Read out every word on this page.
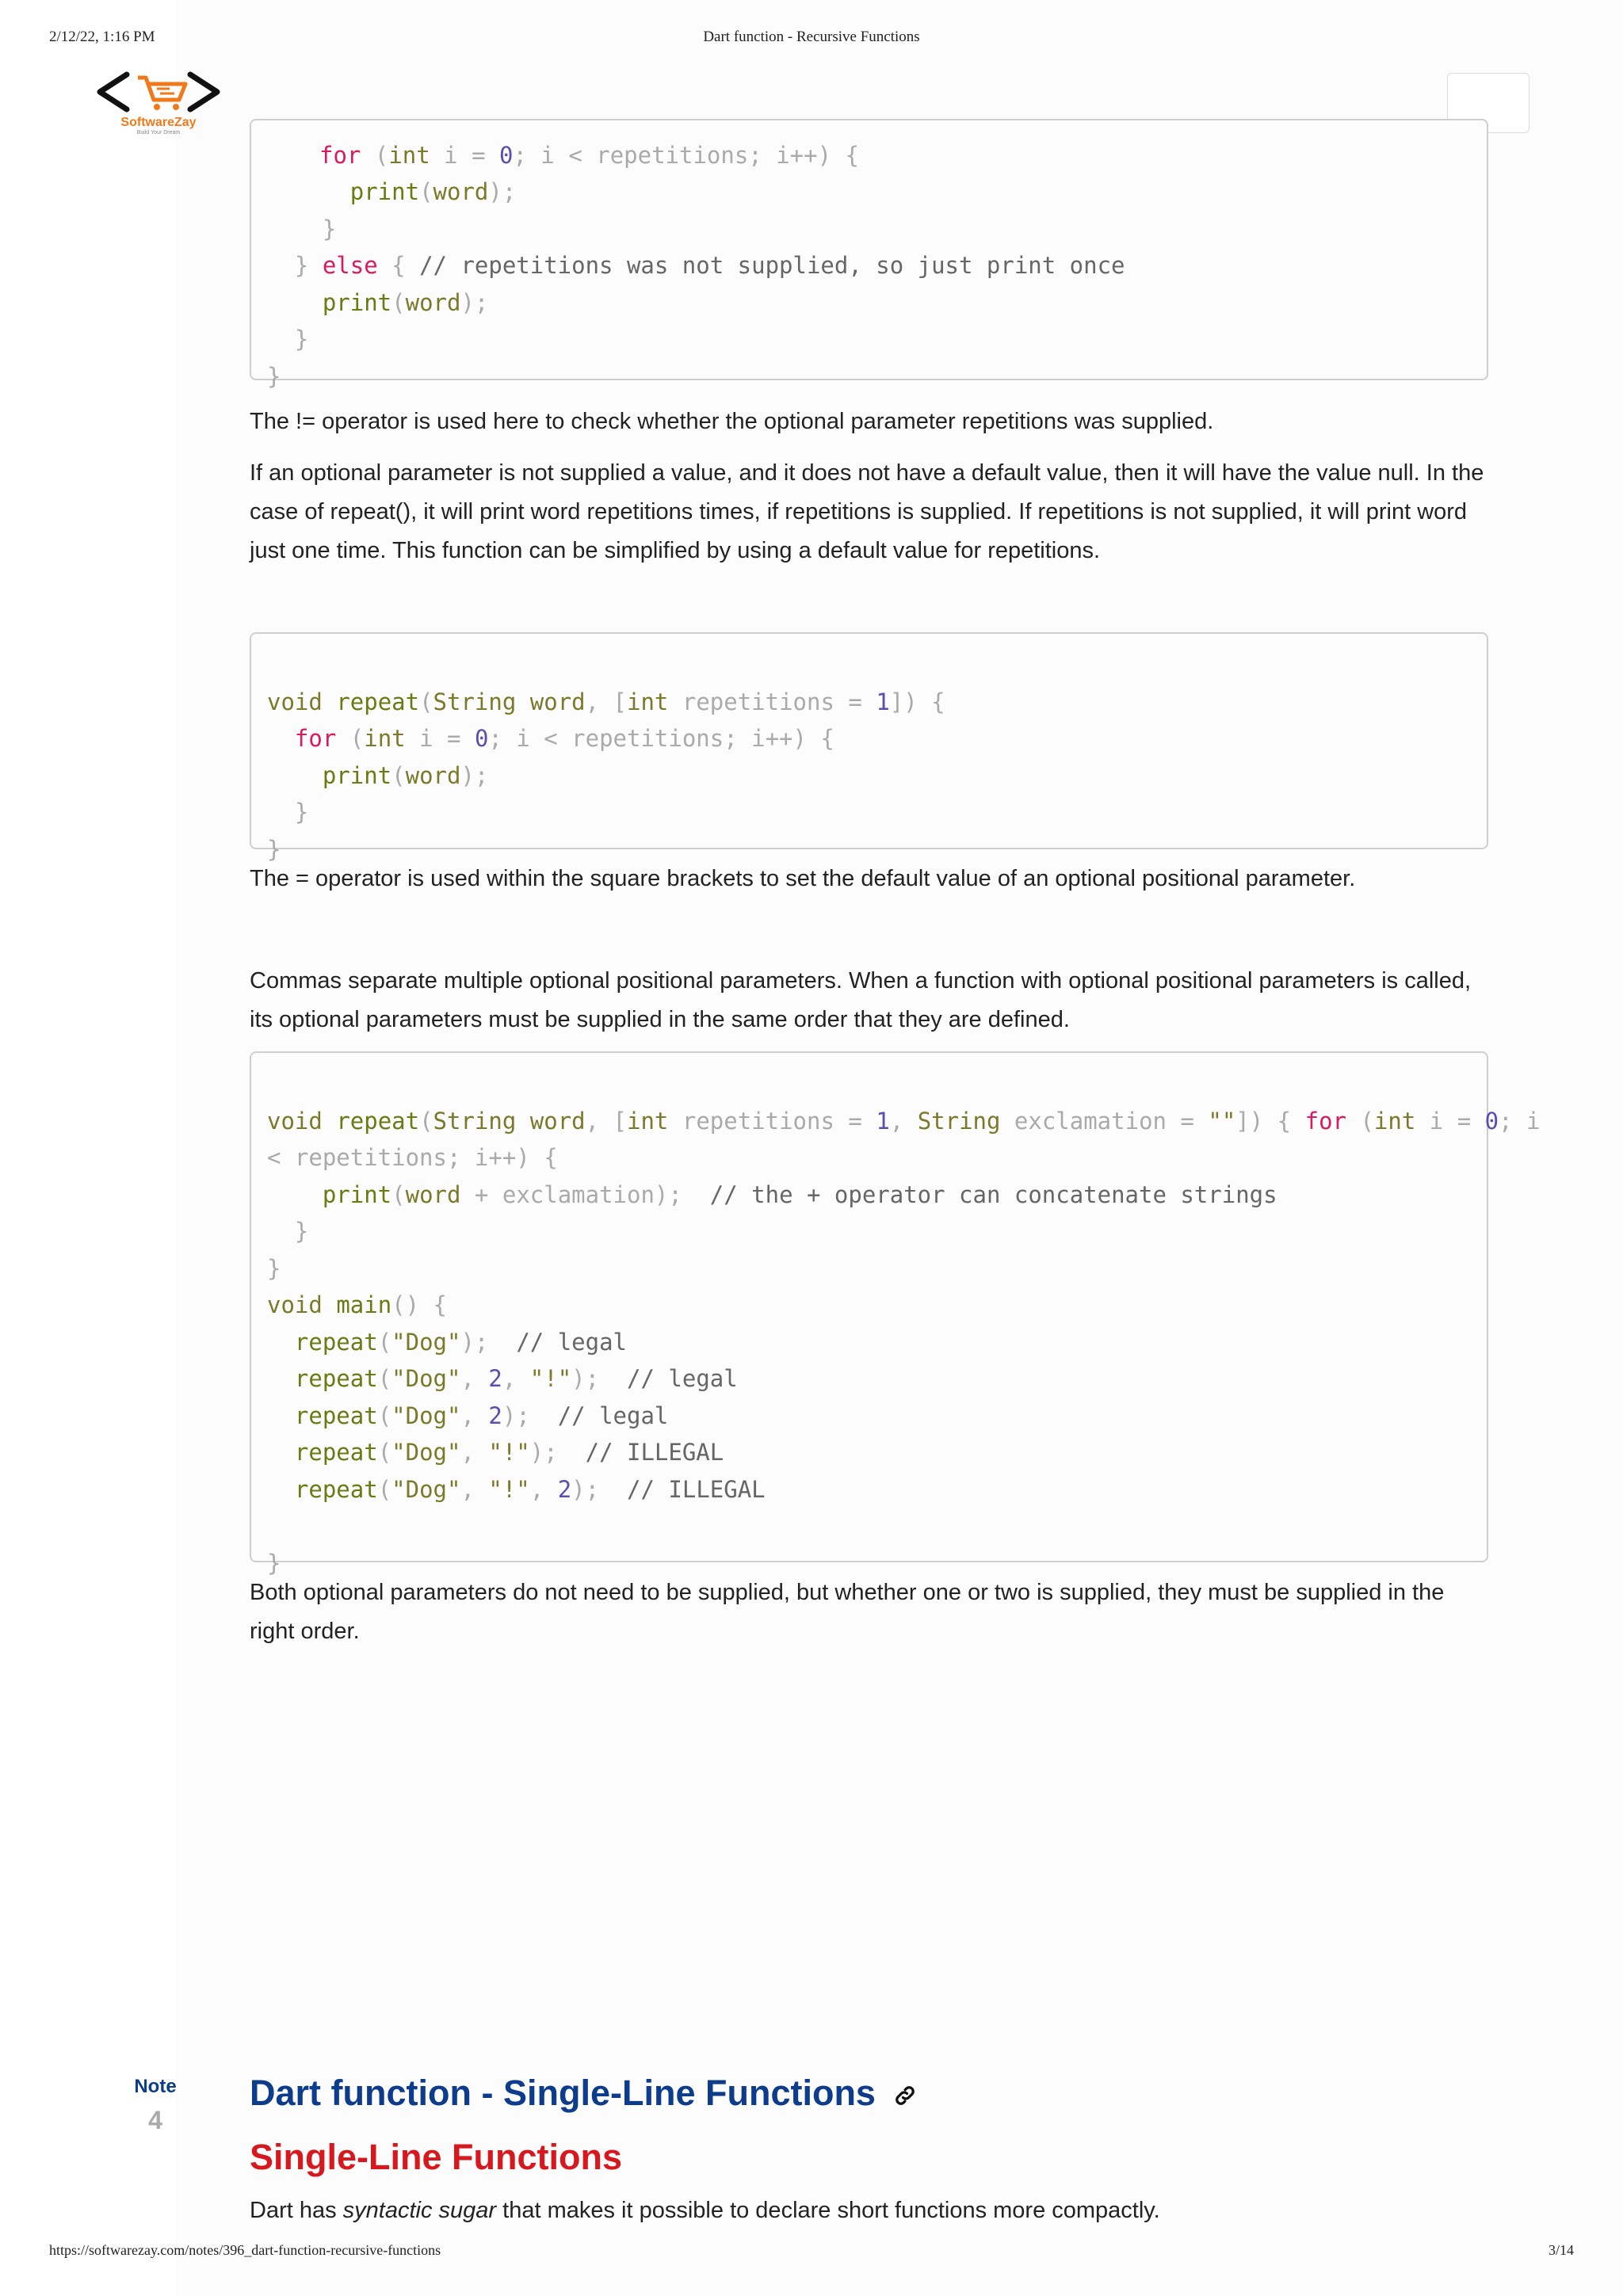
2/12/22, 1:16 PM	Dart function - Recursive Functions
SoftwareZay
Build Your Dream

for (int i = 0; i < repetitions; i++) {
print(word);
}
} else { // repetitions was not supplied, so just print once
print(word);
}
}
The != operator is used here to check whether the optional parameter repetitions was supplied.
If an optional parameter is not supplied a value, and it does not have a default value, then it will have the value null. In the case of repeat(), it will print word repetitions times, if repetitions is supplied. If repetitions is not supplied, it will print word just one time. This function can be simplified by using a default value for repetitions.

void repeat(String word, [int repetitions = 1]) {
for (int i = 0; i < repetitions; i++) {
print(word);
}
}
The = operator is used within the square brackets to set the default value of an optional positional parameter.
Commas separate multiple optional positional parameters. When a function with optional positional parameters is called, its optional parameters must be supplied in the same order that they are defined.

void repeat(String word, [int repetitions = 1, String exclamation = ""]) { for (int i = 0; i
< repetitions; i++) {
print(word + exclamation);  // the + operator can concatenate strings
}
}
void main() {
repeat("Dog");  // legal
repeat("Dog", 2, "!");  // legal
repeat("Dog", 2);  // legal
repeat("Dog", "!");  // ILLEGAL
repeat("Dog", "!", 2);  // ILLEGAL
}
Both optional parameters do not need to be supplied, but whether one or two is supplied, they must be supplied in the right order.
Note
4
Dart function - Single-Line Functions
Single-Line Functions
Dart has syntactic sugar that makes it possible to declare short functions more compactly.
https://softwarezay.com/notes/396_dart-function-recursive-functions	3/14
